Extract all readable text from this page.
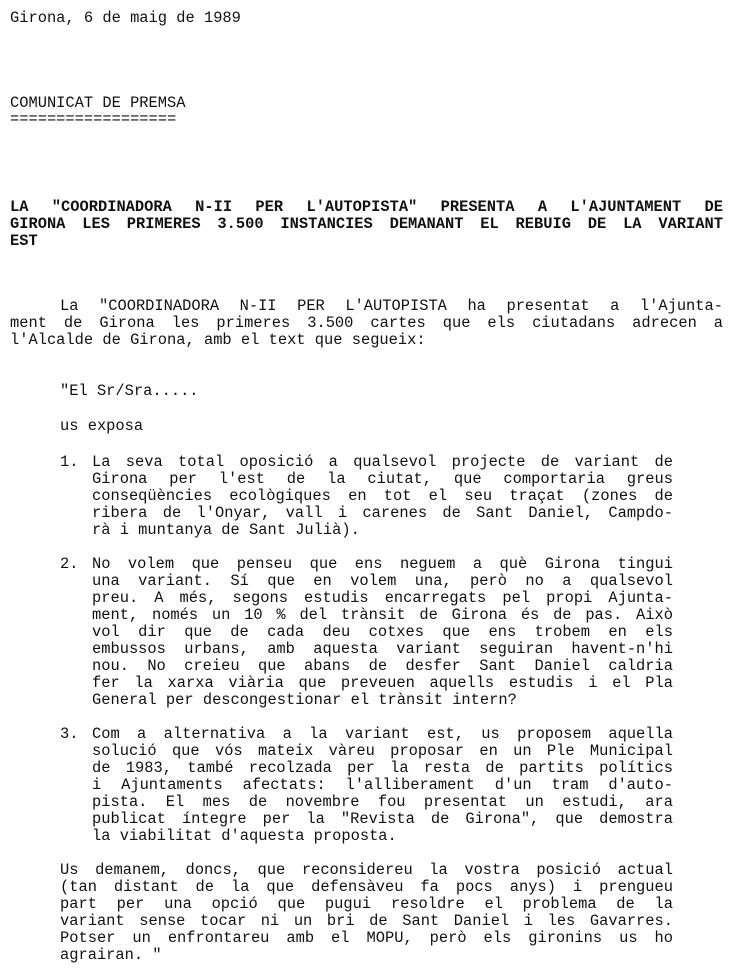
Girona, 6 de maig de 1989

COMUNICAT DE PREMSA

==================

LA "COORDINADORA N-II PER L'AUTOPISTA" PRESENTA A L'AJUNTAMENT DE

GIRONA LES PRIMERES 3.500 INSTANCIES DEMANANT EL REBUIG DE LA VARIANT

EST

La "COORDINADORA N-II PER L'AUTOPISTA ha presentat a l'Ajunta-

ment de Girona les primeres 3.500 cartes que els ciutadans adrecen a

l'Alcalde de Girona, amb el text que segueix:

"El Sr/Sra.....

us exposa

1. La seva total oposició a qualsevol projecte de variant de

Girona per l'est de la ciutat, que comportaria greus

conseqüències ecològiques en tot el seu traçat (zones de

ribera de l'Onyar, vall i carenes de Sant Daniel, Campdo-

rà i muntanya de Sant Julià).

2. No volem que penseu que ens neguem a què Girona tingui

una variant. Sí que en volem una, però no a qualsevol

preu. A més, segons estudis encarregats pel propi Ajunta-

ment, només un 10 % del trànsit de Girona és de pas. Això

vol dir que de cada deu cotxes que ens trobem en els

embussos urbans, amb aquesta variant seguiran havent-n'hi

nou. No creieu que abans de desfer Sant Daniel caldria

fer la xarxa viària que preveuen aquells estudis i el Pla

General per descongestionar el trànsit intern?

3. Com a alternativa a la variant est, us proposem aquella

solució que vós mateix vàreu proposar en un Ple Municipal

de 1983, també recolzada per la resta de partits polítics

i Ajuntaments afectats: l'alliberament d'un tram d'auto-

pista. El mes de novembre fou presentat un estudi, ara

publicat íntegre per la "Revista de Girona", que demostra

la viabilitat d'aquesta proposta.

Us demanem, doncs, que reconsidereu la vostra posició actual

(tan distant de la que defensàveu fa pocs anys) i prengueu

part per una opció que pugui resoldre el problema de la

variant sense tocar ni un bri de Sant Daniel i les Gavarres.

Potser un enfrontareu amb el MOPU, però els gironins us ho

agrairan. "
